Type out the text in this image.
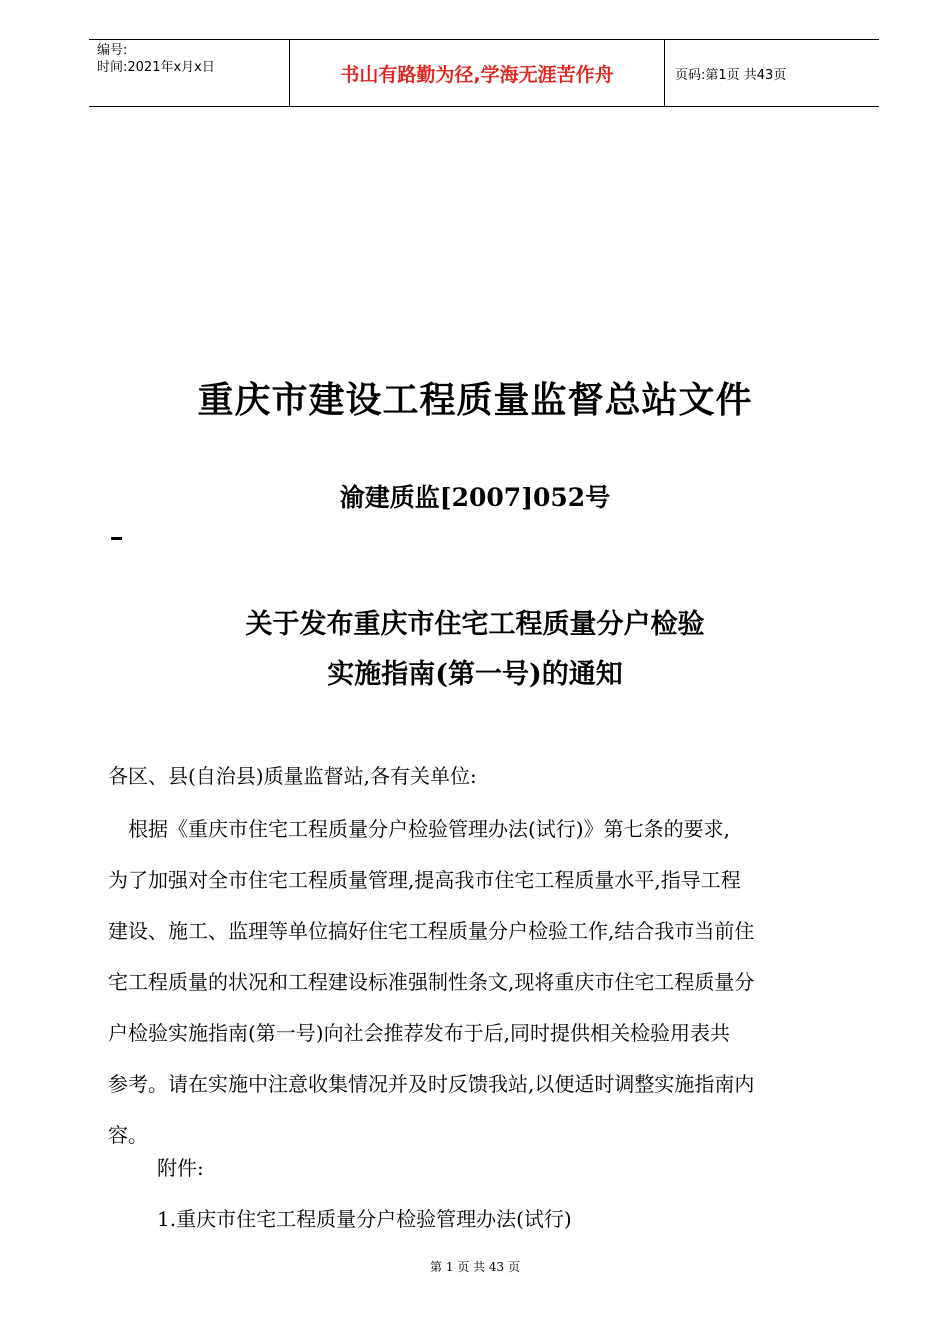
编号:
时间:2021年x月x日	书山有路勤为径,学海无涯苦作舟	页码:第1页 共43页
重庆市建设工程质量监督总站文件
渝建质监[2007]052号
关于发布重庆市住宅工程质量分户检验
实施指南(第一号)的通知
各区、县(自治县)质量监督站,各有关单位:
根据《重庆市住宅工程质量分户检验管理办法(试行)》第七条的要求,
为了加强对全市住宅工程质量管理,提高我市住宅工程质量水平,指导工程
建设、施工、监理等单位搞好住宅工程质量分户检验工作,结合我市当前住
宅工程质量的状况和工程建设标准强制性条文,现将重庆市住宅工程质量分
户检验实施指南(第一号)向社会推荐发布于后,同时提供相关检验用表共
参考。请在实施中注意收集情况并及时反馈我站,以便适时调整实施指南内
容。
附件:
1.重庆市住宅工程质量分户检验管理办法(试行)
第 1 页 共 43 页
